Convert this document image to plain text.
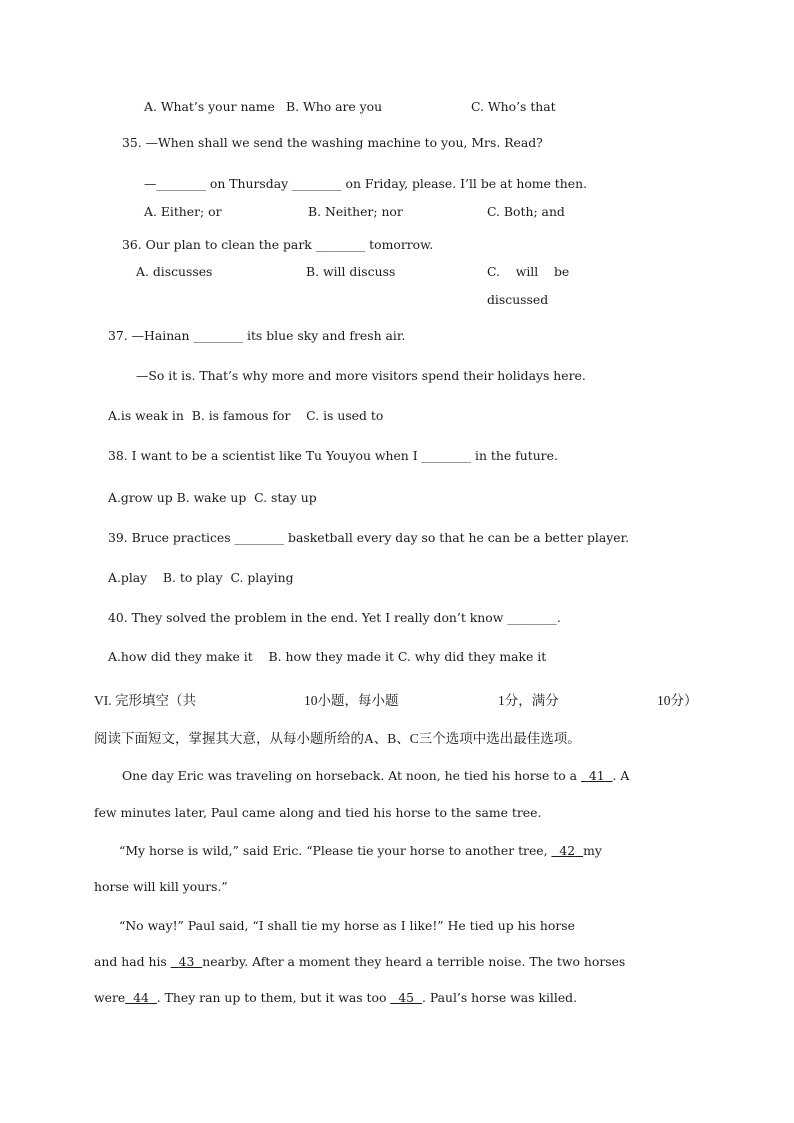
A. What’s your name B. Who are you	C. Who’s that
35. —When shall we send the washing machine to you, Mrs. Read?
—________ on Thursday ________ on Friday, please. I’ll be at home then.
A. Either; or	B. Neither; nor	C. Both; and
36. Our plan to clean the park ________ tomorrow.
A. discusses	B. will discuss	C.    will    be
discussed
37. —Hainan ________ its blue sky and fresh air.
—So it is. That’s why more and more visitors spend their holidays here.
A.is weak in  B. is famous for    C. is used to
38. I want to be a scientist like Tu Youyou when I ________ in the future.
A.grow up B. wake up  C. stay up
39. Bruce practices ________ basketball every day so that he can be a better player.
A.play    B. to play  C. playing
40. They solved the problem in the end. Yet I really don’t know ________.
A.how did they make it    B. how they made it C. why did they make it
VI. 完形填空（共	10小题，每小题	1分，满分	10分）
阅读下面短文，掌握其大意，从每小题所给的A、B、C三个选项中选出最佳选项。
One day Eric was traveling on horseback. At noon, he tied his horse to a   41 . A
few minutes later, Paul came along and tied his horse to the same tree.
“My horse is wild,” said Eric. “Please tie your horse to another tree,   42 my
horse will kill yours.”
“No way!” Paul said, “I shall tie my horse as I like!” He tied up his horse
and had his   43 nearby. After a moment they heard a terrible noise. The two horses
were 44 . They ran up to them, but it was too   45 . Paul’s horse was killed.
